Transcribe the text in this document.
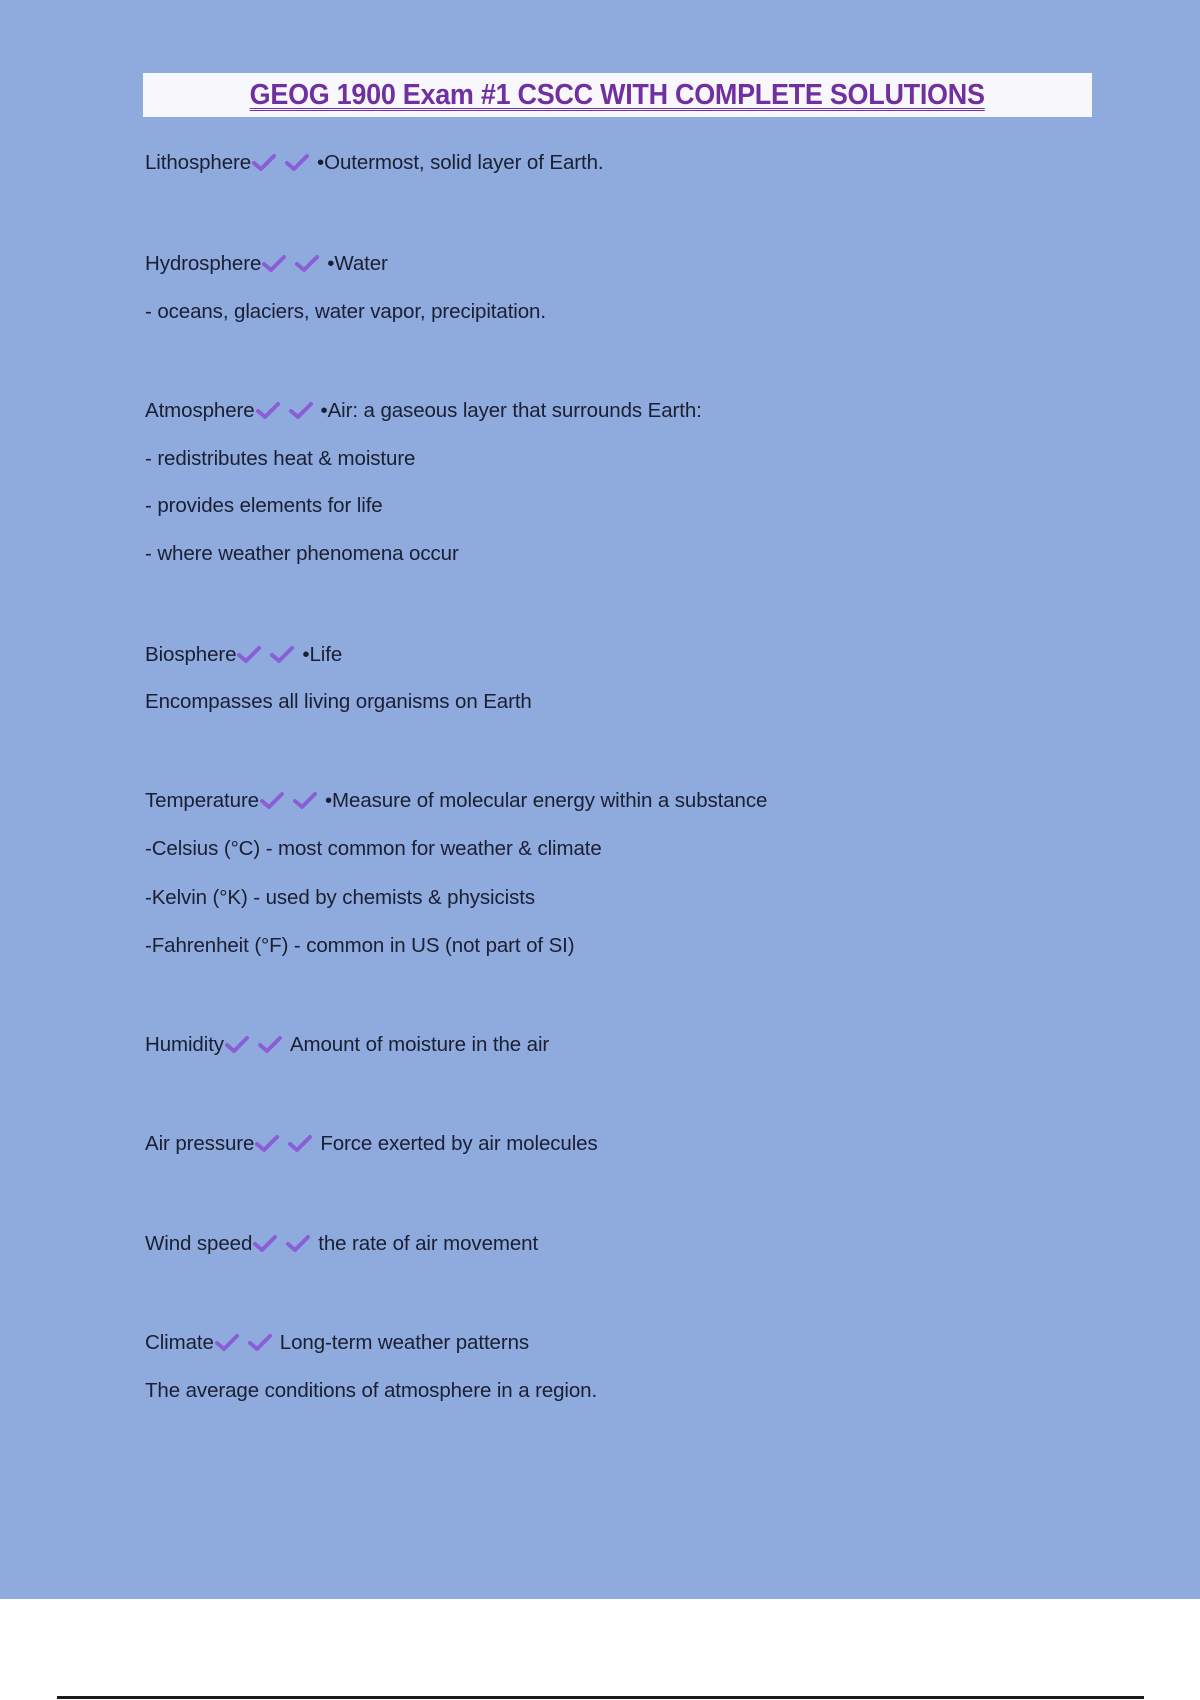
GEOG 1900 Exam #1 CSCC WITH COMPLETE SOLUTIONS
Lithosphere	•Outermost, solid layer of Earth.
Hydrosphere	•Water
- oceans, glaciers, water vapor, precipitation.
Atmosphere	•Air: a gaseous layer that surrounds Earth:
- redistributes heat & moisture
- provides elements for life
- where weather phenomena occur
Biosphere	•Life
Encompasses all living organisms on Earth
Temperature	•Measure of molecular energy within a substance
-Celsius (°C) - most common for weather & climate
-Kelvin (°K) - used by chemists & physicists
-Fahrenheit (°F) - common in US (not part of SI)
Humidity	Amount of moisture in the air
Air pressure	Force exerted by air molecules
Wind speed	the rate of air movement
Climate	Long-term weather patterns
The average conditions of atmosphere in a region.
